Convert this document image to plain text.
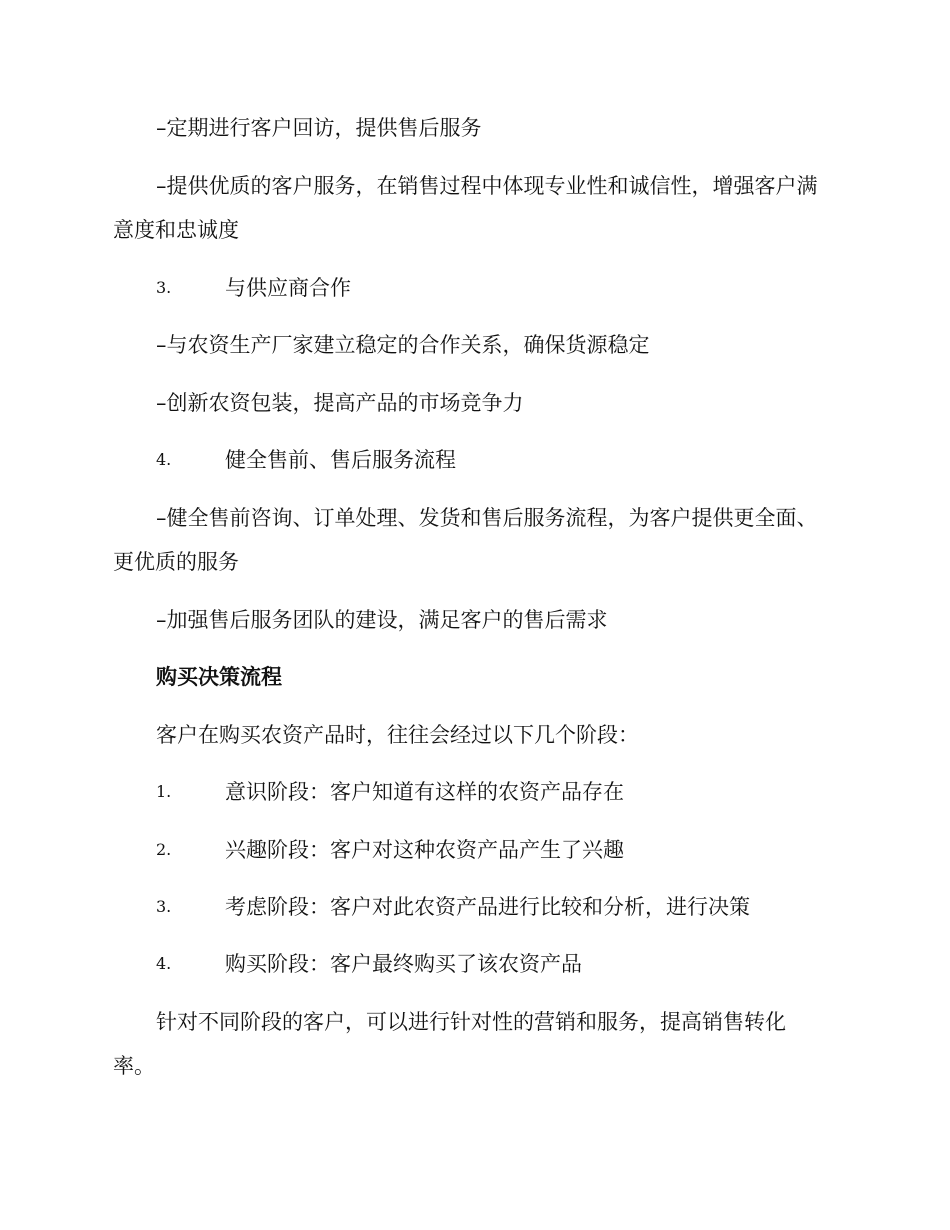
–定期进行客户回访，提供售后服务
–提供优质的客户服务，在销售过程中体现专业性和诚信性，增强客户满意度和忠诚度
3.	与供应商合作
–与农资生产厂家建立稳定的合作关系，确保货源稳定
–创新农资包装，提高产品的市场竞争力
4.	健全售前、售后服务流程
–健全售前咨询、订单处理、发货和售后服务流程，为客户提供更全面、更优质的服务
–加强售后服务团队的建设，满足客户的售后需求
购买决策流程
客户在购买农资产品时，往往会经过以下几个阶段：
1.	意识阶段：客户知道有这样的农资产品存在
2.	兴趣阶段：客户对这种农资产品产生了兴趣
3.	考虑阶段：客户对此农资产品进行比较和分析，进行决策
4.	购买阶段：客户最终购买了该农资产品
针对不同阶段的客户，可以进行针对性的营销和服务，提高销售转化率。
